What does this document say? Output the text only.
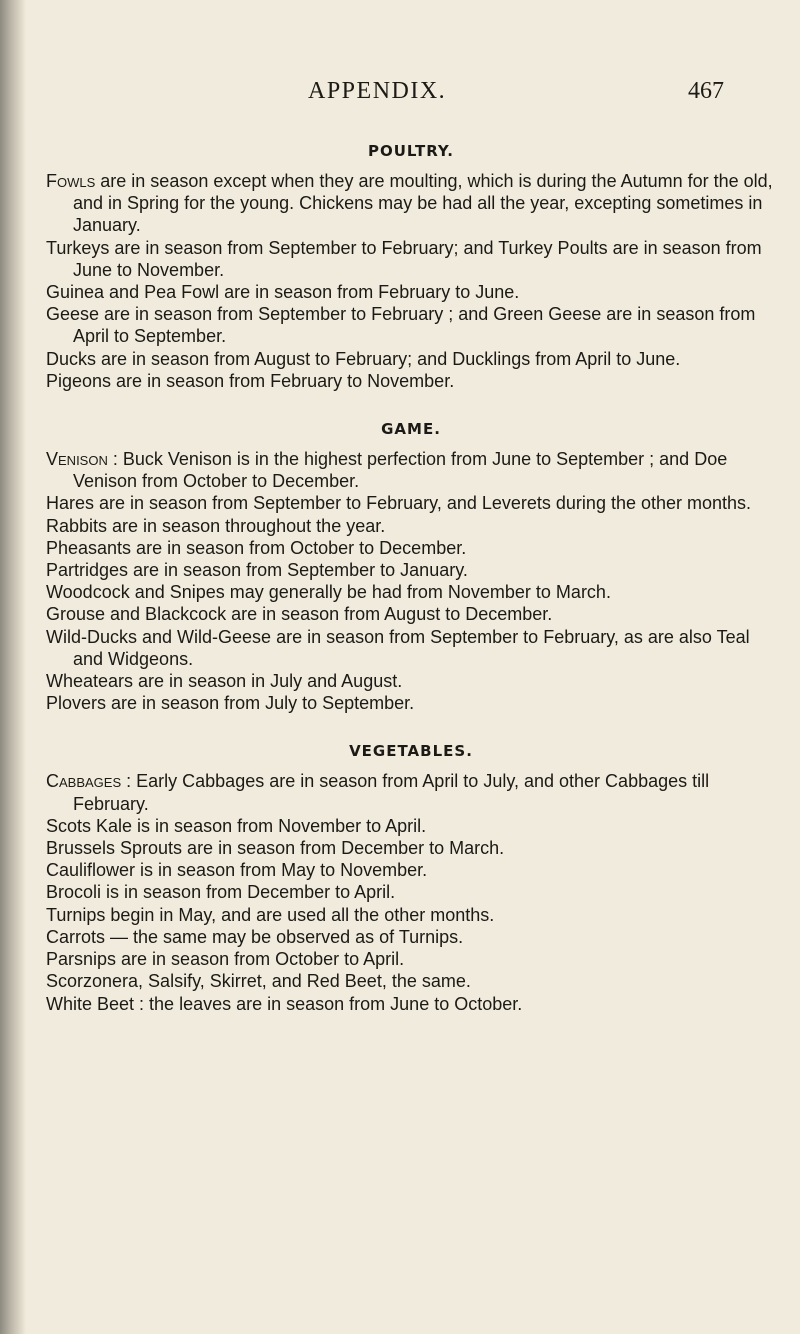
APPENDIX.	467
POULTRY.

Fowls are in season except when they are moulting, which is during the Autumn for the old, and in Spring for the young. Chickens may be had all the year, excepting sometimes in January.

Turkeys are in season from September to February; and Turkey Poults are in season from June to November.

Guinea and Pea Fowl are in season from February to June.

Geese are in season from September to February ; and Green Geese are in season from April to September.

Ducks are in season from August to February; and Ducklings from April to June.

Pigeons are in season from February to November.

GAME.

Venison : Buck Venison is in the highest perfection from June to September ; and Doe Venison from October to December.

Hares are in season from September to February, and Leverets during the other months.

Rabbits are in season throughout the year.

Pheasants are in season from October to December.

Partridges are in season from September to January.

Woodcock and Snipes may generally be had from November to March.

Grouse and Blackcock are in season from August to December.

Wild-Ducks and Wild-Geese are in season from September to February, as are also Teal and Widgeons.

Wheatears are in season in July and August.

Plovers are in season from July to September.

VEGETABLES.

Cabbages : Early Cabbages are in season from April to July, and other Cabbages till February.

Scots Kale is in season from November to April.

Brussels Sprouts are in season from December to March.

Cauliflower is in season from May to November.

Brocoli is in season from December to April.

Turnips begin in May, and are used all the other months.

Carrots — the same may be observed as of Turnips.

Parsnips are in season from October to April.

Scorzonera, Salsify, Skirret, and Red Beet, the same.

White Beet : the leaves are in season from June to October.
